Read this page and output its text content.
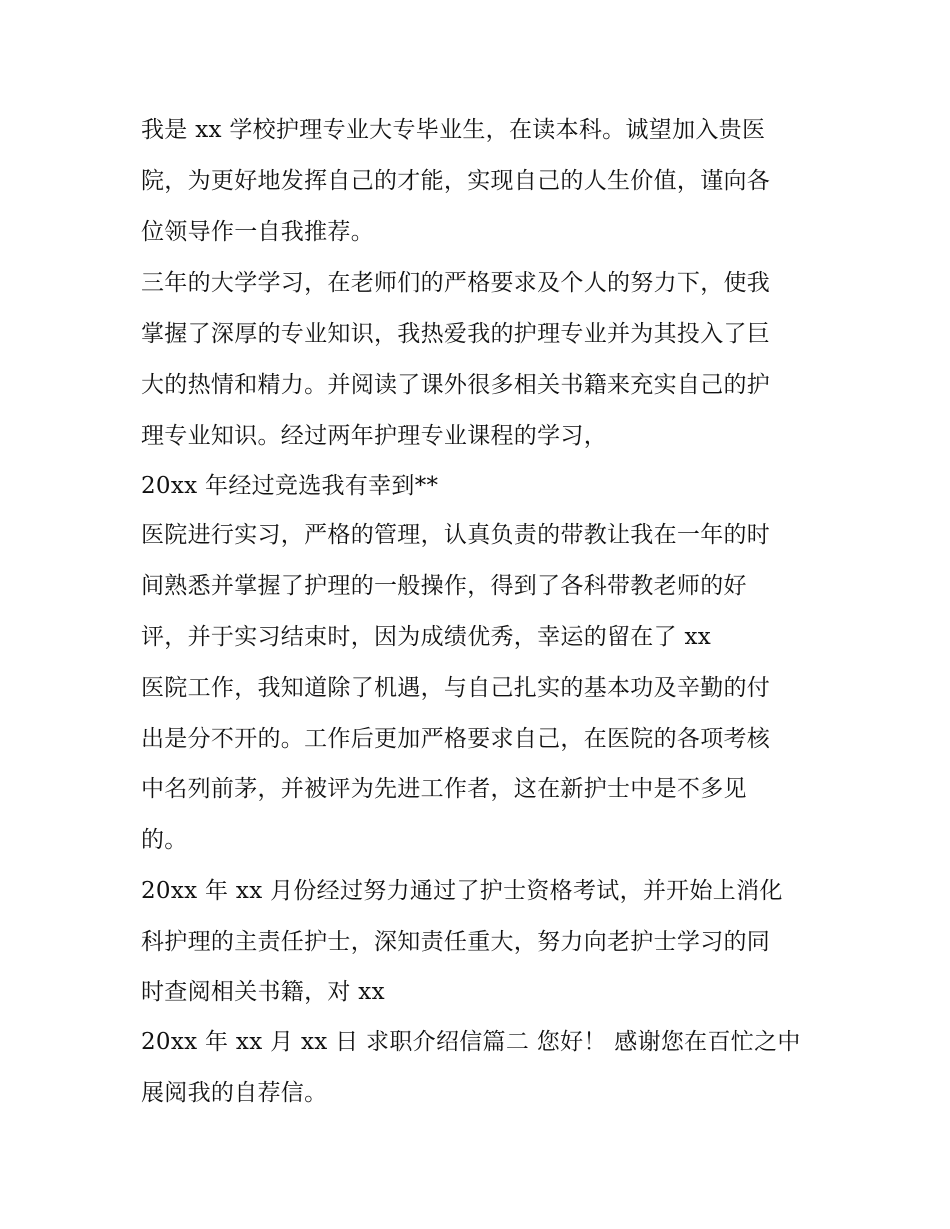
我是 xx 学校护理专业大专毕业生，在读本科。诚望加入贵医

院，为更好地发挥自己的才能，实现自己的人生价值，谨向各

位领导作一自我推荐。

三年的大学学习，在老师们的严格要求及个人的努力下，使我

掌握了深厚的专业知识，我热爱我的护理专业并为其投入了巨

大的热情和精力。并阅读了课外很多相关书籍来充实自己的护

理专业知识。经过两年护理专业课程的学习，

20xx 年经过竞选我有幸到**

医院进行实习，严格的管理，认真负责的带教让我在一年的时

间熟悉并掌握了护理的一般操作，得到了各科带教老师的好

评，并于实习结束时，因为成绩优秀，幸运的留在了 xx

医院工作，我知道除了机遇，与自己扎实的基本功及辛勤的付

出是分不开的。工作后更加严格要求自己，在医院的各项考核

中名列前茅，并被评为先进工作者，这在新护士中是不多见

的。

20xx 年 xx 月份经过努力通过了护士资格考试，并开始上消化

科护理的主责任护士，深知责任重大，努力向老护士学习的同

时查阅相关书籍，对 xx

20xx 年 xx 月 xx 日 求职介绍信篇二 您好！ 感谢您在百忙之中

展阅我的自荐信。
